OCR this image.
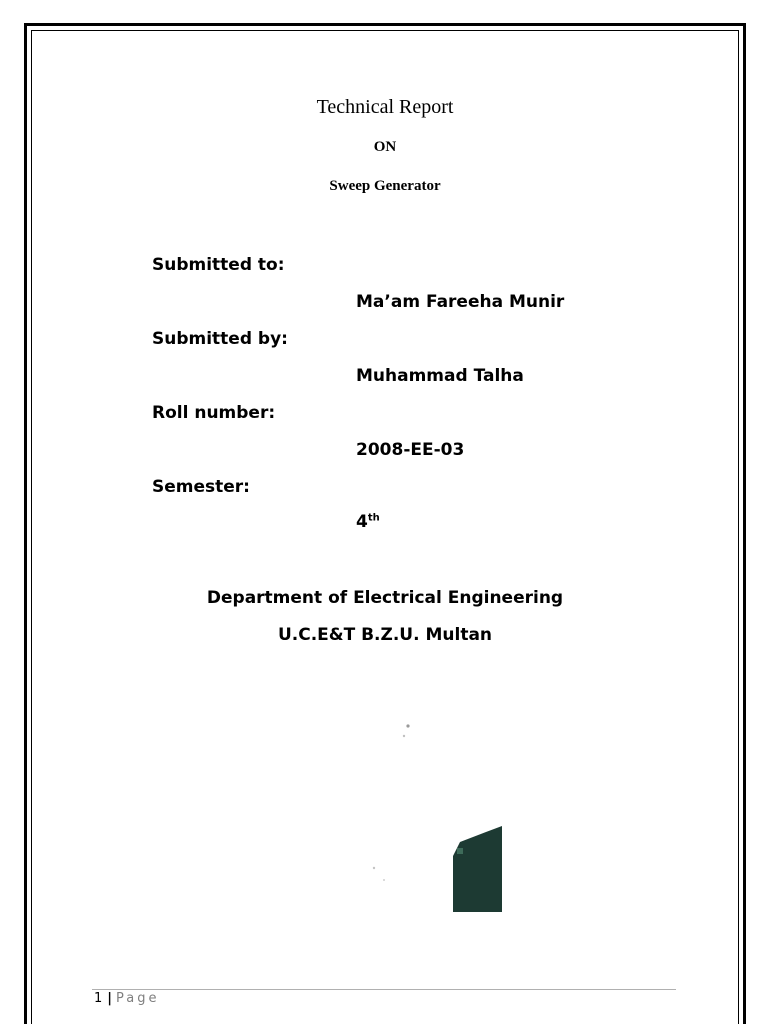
Technical Report
ON
Sweep Generator
Submitted to:
Ma’am Fareeha Munir
Submitted by:
Muhammad Talha
Roll number:
2008-EE-03
Semester:
4th
Department of Electrical Engineering
U.C.E&T B.Z.U. Multan
1 | Page
